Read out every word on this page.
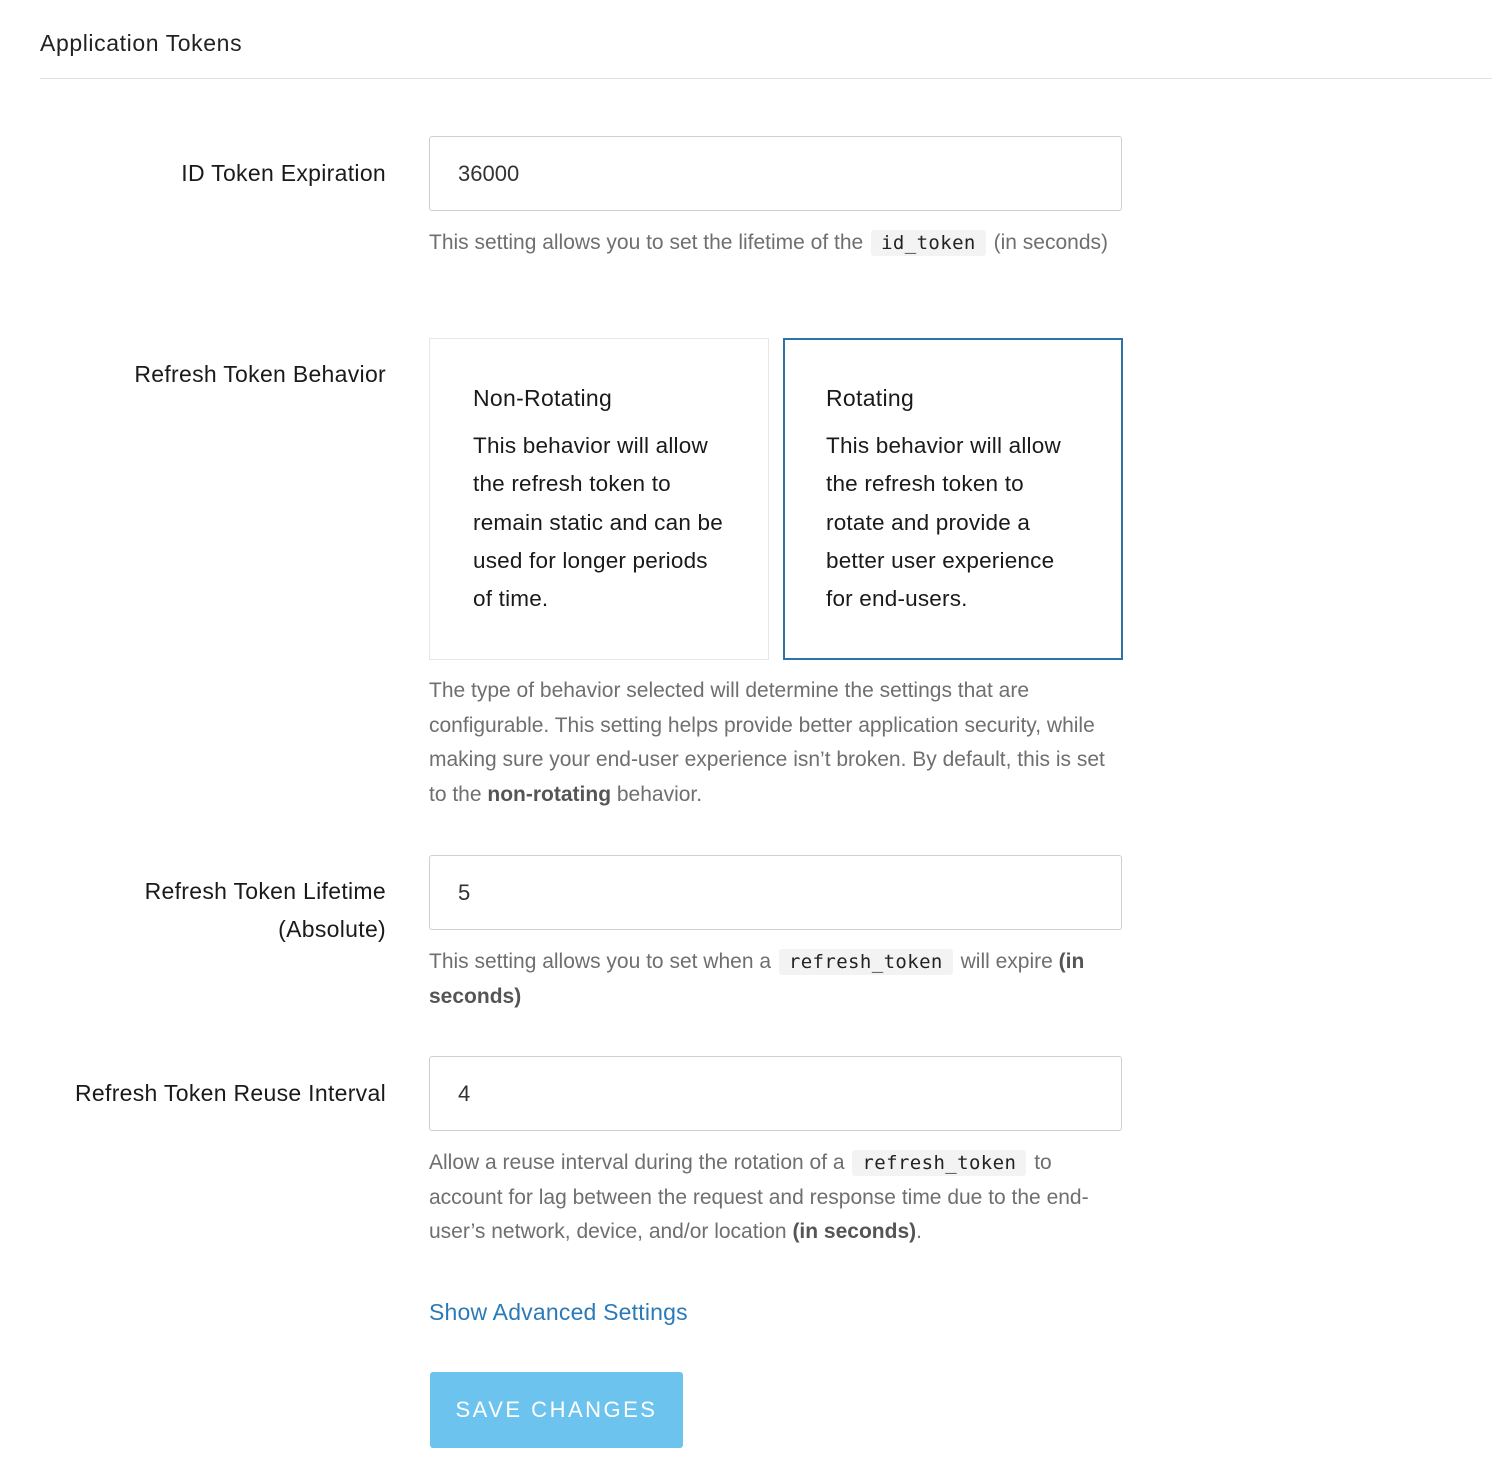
Application Tokens
ID Token Expiration
36000
This setting allows you to set the lifetime of the id_token (in seconds)
Refresh Token Behavior
Non-Rotating
This behavior will allow the refresh token to remain static and can be used for longer periods of time.
Rotating
This behavior will allow the refresh token to rotate and provide a better user experience for end-users.
The type of behavior selected will determine the settings that are configurable. This setting helps provide better application security, while making sure your end-user experience isn’t broken. By default, this is set to the non-rotating behavior.
Refresh Token Lifetime
(Absolute)
5
This setting allows you to set when a refresh_token will expire (in seconds)
Refresh Token Reuse Interval
4
Allow a reuse interval during the rotation of a refresh_token to account for lag between the request and response time due to the end-user’s network, device, and/or location (in seconds).
Show Advanced Settings
SAVE CHANGES
